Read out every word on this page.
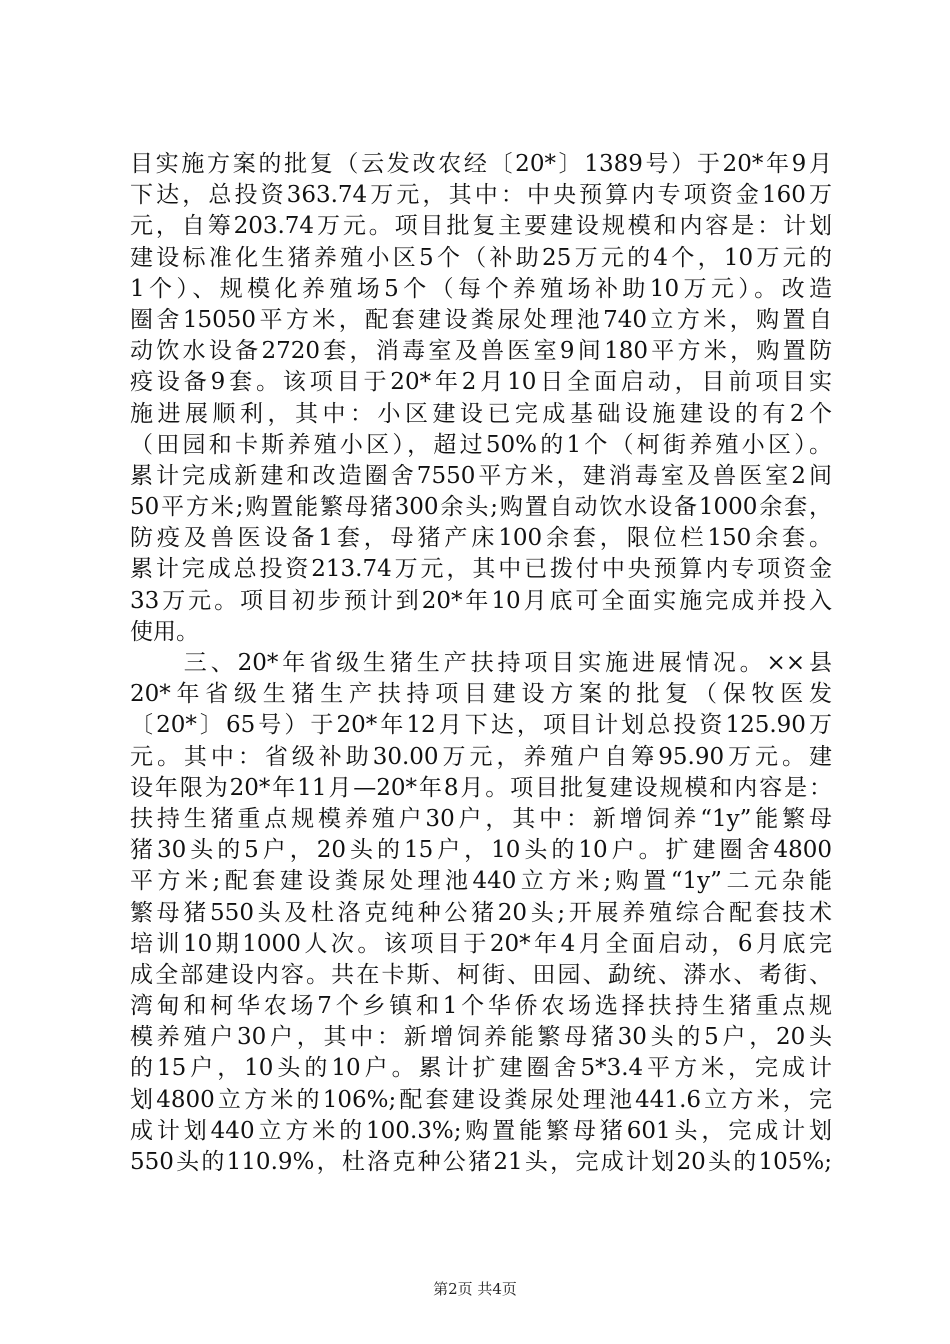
目实施方案的批复（云发改农经〔20*〕1389号）于20*年9月
下达，总投资363.74万元，其中：中央预算内专项资金160万
元，自筹203.74万元。项目批复主要建设规模和内容是：计划
建设标准化生猪养殖小区5个（补助25万元的4个，10万元的
1个）、规模化养殖场5个（每个养殖场补助10万元）。改造
圈舍15050平方米，配套建设粪尿处理池740立方米，购置自
动饮水设备2720套，消毒室及兽医室9间180平方米，购置防
疫设备9套。该项目于20*年2月10日全面启动，目前项目实
施进展顺利，其中：小区建设已完成基础设施建设的有2个
（田园和卡斯养殖小区），超过50%的1个（柯街养殖小区）。
累计完成新建和改造圈舍7550平方米，建消毒室及兽医室2间
50平方米;购置能繁母猪300余头;购置自动饮水设备1000余套，
防疫及兽医设备1套，母猪产床100余套，限位栏150余套。
累计完成总投资213.74万元，其中已拨付中央预算内专项资金
33万元。项目初步预计到20*年10月底可全面实施完成并投入
使用。
　　三、20*年省级生猪生产扶持项目实施进展情况。××县
20*年省级生猪生产扶持项目建设方案的批复（保牧医发
〔20*〕65号）于20*年12月下达，项目计划总投资125.90万
元。其中：省级补助30.00万元，养殖户自筹95.90万元。建
设年限为20*年11月—20*年8月。项目批复建设规模和内容是：
扶持生猪重点规模养殖户30户，其中：新增饲养“1y”能繁母
猪30头的5户，20头的15户，10头的10户。扩建圈舍4800
平方米;配套建设粪尿处理池440立方米;购置“1y”二元杂能
繁母猪550头及杜洛克纯种公猪20头;开展养殖综合配套技术
培训10期1000人次。该项目于20*年4月全面启动，6月底完
成全部建设内容。共在卡斯、柯街、田园、勐统、漭水、耇街、
湾甸和柯华农场7个乡镇和1个华侨农场选择扶持生猪重点规
模养殖户30户，其中：新增饲养能繁母猪30头的5户，20头
的15户，10头的10户。累计扩建圈舍5*3.4平方米，完成计
划4800立方米的106%;配套建设粪尿处理池441.6立方米，完
成计划440立方米的100.3%;购置能繁母猪601头，完成计划
550头的110.9%，杜洛克种公猪21头，完成计划20头的105%;
第2页 共4页
